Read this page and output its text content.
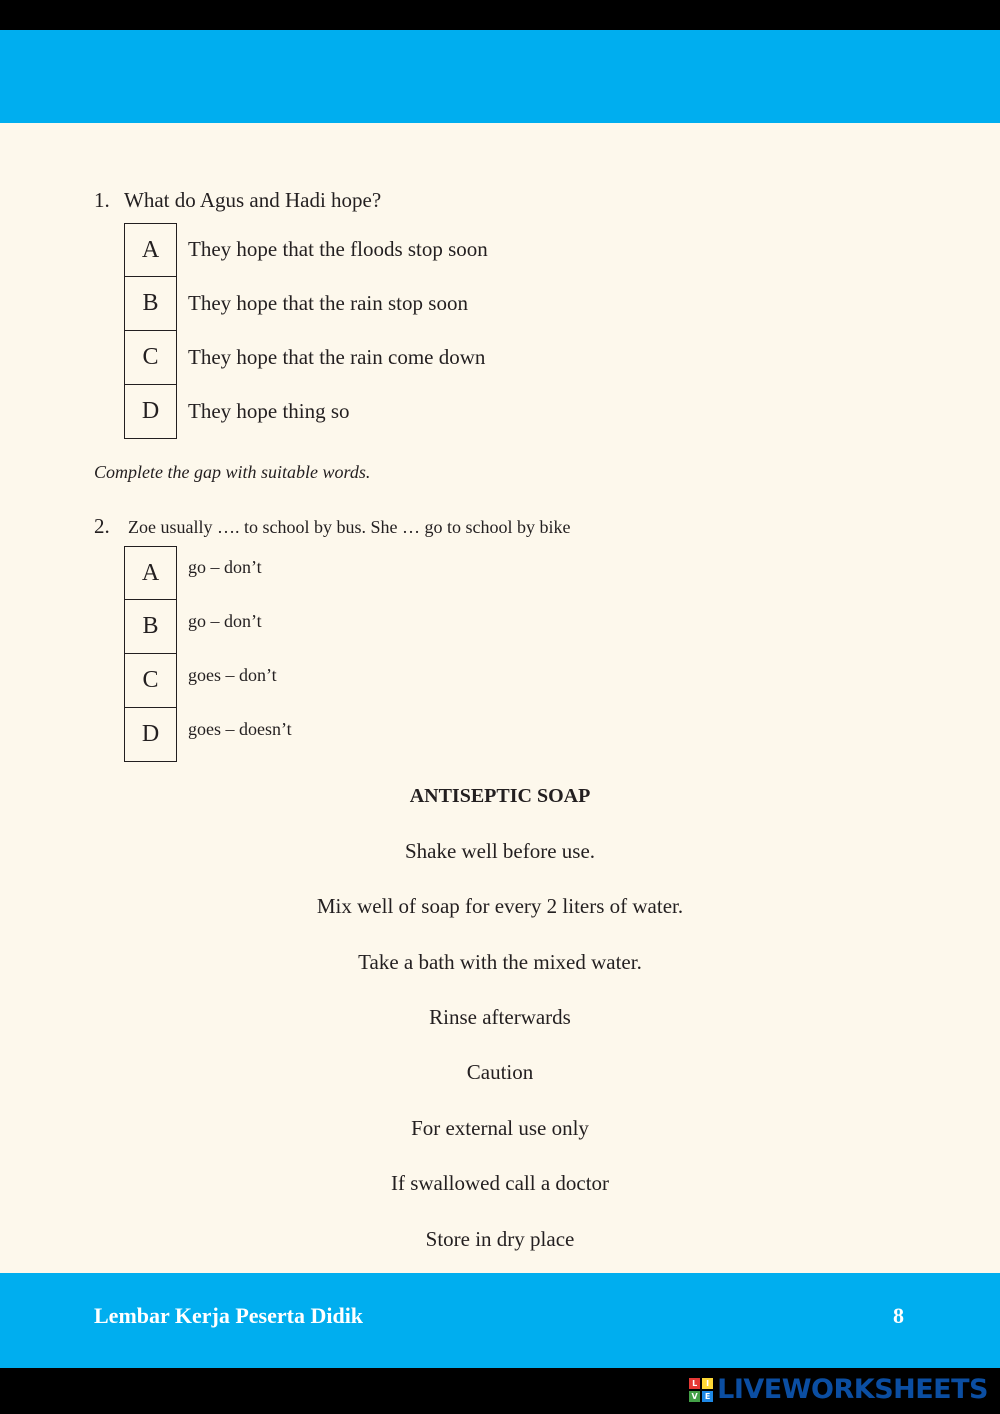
1. What do Agus and Hadi hope?
A	They hope that the floods stop soon
B	They hope that the rain stop soon
C	They hope that the rain come down
D	They hope thing so
Complete the gap with suitable words.
2. Zoe usually …. to school by bus. She … go to school by bike
A	go – don’t
B	go – don’t
C	goes – don’t
D	goes – doesn’t
ANTISEPTIC SOAP
Shake well before use.
Mix well of soap for every 2 liters of water.
Take a bath with the mixed water.
Rinse afterwards
Caution
For external use only
If swallowed call a doctor
Store in dry place
Lembar Kerja Peserta Didik	8
L	I
V E LIVEWORKSHEETS
